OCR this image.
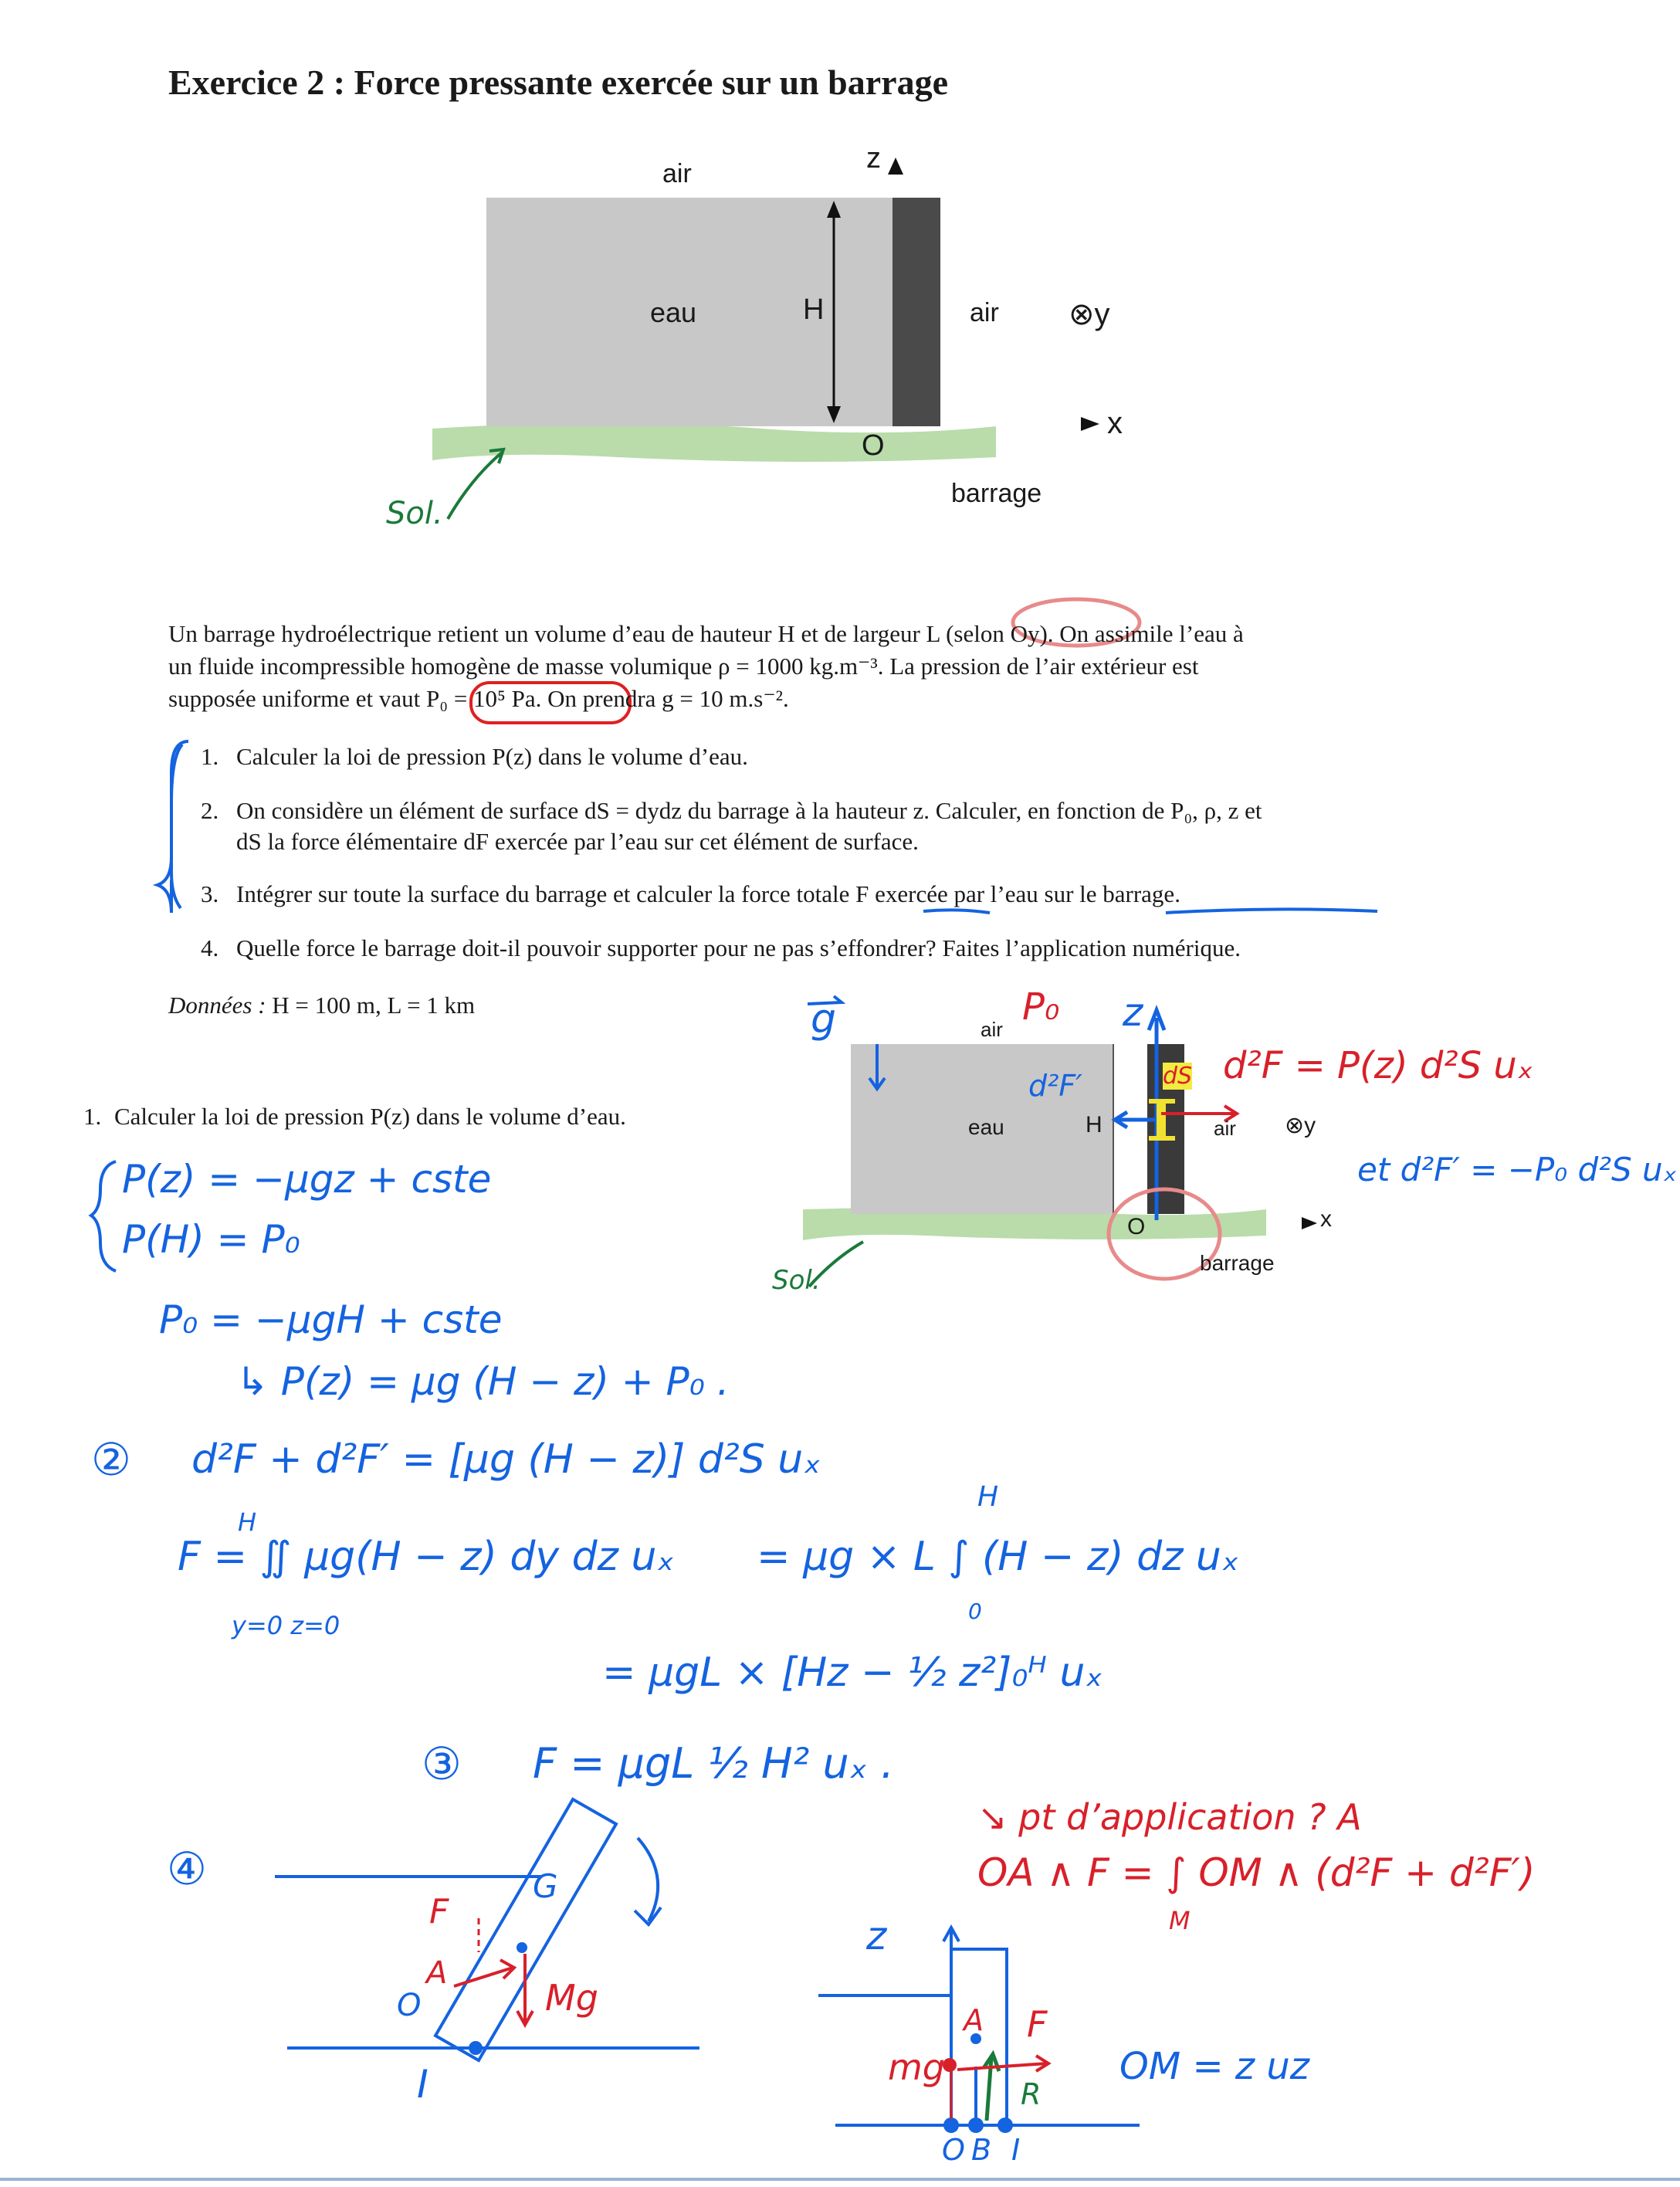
Exercice 2 : Force pressante exercée sur un barrage
air	z
eau	H	air ⊗y
x
O
barrage
Sol.

Un barrage hydroélectrique retient un volume d’eau de hauteur H et de largeur L (selon Oy). On assimile l’eau à

un fluide incompressible homogène de masse volumique ρ = 1000 kg.m⁻³. La pression de l’air extérieur est

supposée uniforme et vaut P₀ = 10⁵ Pa. On prendra g = 10 m.s⁻².

1. Calculer la loi de pression P(z) dans le volume d’eau.
2. On considère un élément de surface dS = dydz du barrage à la hauteur z. Calculer, en fonction de P₀, ρ, z et
dS la force élémentaire dF exercée par l’eau sur cet élément de surface.
3. Intégrer sur toute la surface du barrage et calculer la force totale F exercée par l’eau sur le barrage.
4. Quelle force le barrage doit-il pouvoir supporter pour ne pas s’effondrer? Faites l’application numérique.
Données : H = 100 m, L = 1 km
1. Calculer la loi de pression P(z) dans le volume d’eau.
air
eau	H	air ⊗y
x
O
barrage
g	P₀ z
d²F′	dS d²F = P(z) d²S uₓ
et d²F′ = −P₀ d²S uₓ
Sol.
P(z) = −μgz + cste
P(H) = P₀
P₀ = −μgH + cste
↳ P(z) = μg (H − z) + P₀ .
② d²F + d²F′ = [μg (H − z)] d²S uₓ
H
H
F = ∬ μg(H − z) dy dz uₓ = μg × L ∫ (H − z) dz uₓ
y=0 z=0	0
= μgL × [Hz − ½ z²]₀ᴴ uₓ
③ F = μgL ½ H² uₓ .
④
↘ pt d’application ? A
OA ∧ F = ∫ OM ∧ (d²F + d²F′)
M
OM = z uz
F
G
A
O	Mg
I
z
A F
mg
R
O B I
